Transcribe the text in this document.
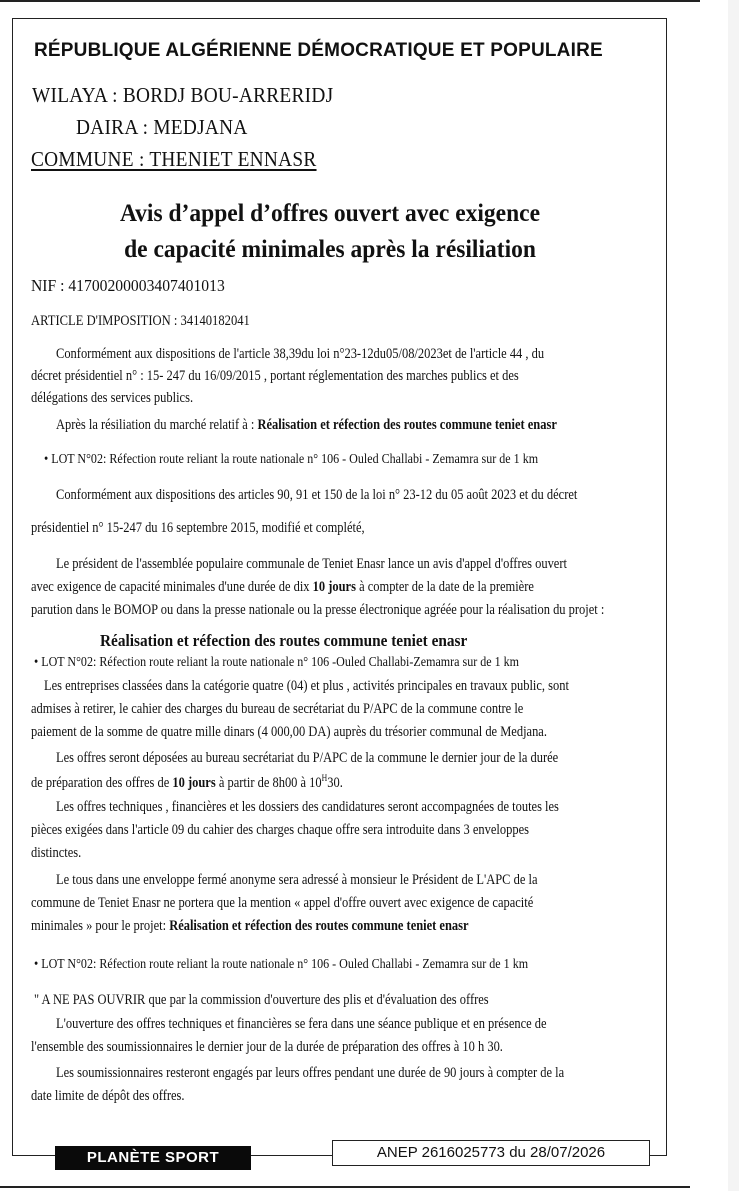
RÉPUBLIQUE ALGÉRIENNE DÉMOCRATIQUE ET POPULAIRE
WILAYA : BORDJ BOU-ARRERIDJ
DAIRA : MEDJANA
COMMUNE : THENIET ENNASR
Avis d’appel d’offres ouvert avec exigence
de capacité minimales après la résiliation
NIF : 41700200003407401013
ARTICLE D'IMPOSITION : 34140182041
Conformément aux dispositions de l'article 38,39du loi n°23-12du05/08/2023et de l'article 44 , du
décret présidentiel n° : 15- 247 du 16/09/2015 , portant réglementation des marches publics et des
délégations des services publics.
Après la résiliation du marché relatif à : Réalisation et réfection des routes commune teniet enasr
• LOT N°02: Réfection route reliant la route nationale n° 106 - Ouled Challabi - Zemamra sur de 1 km
Conformément aux dispositions des articles 90, 91 et 150 de la loi n° 23-12 du 05 août 2023 et du décret
présidentiel n° 15-247 du 16 septembre 2015, modifié et complété,
Le président de l'assemblée populaire communale de Teniet Enasr lance un avis d'appel d'offres ouvert
avec exigence de capacité minimales d'une durée de dix 10 jours à compter de la date de la première
parution dans le BOMOP ou dans la presse nationale ou la presse électronique agréée pour la réalisation du projet :
Réalisation et réfection des routes commune teniet enasr
• LOT N°02: Réfection route reliant la route nationale n° 106 -Ouled Challabi-Zemamra sur de 1 km
Les entreprises classées dans la catégorie quatre (04) et plus , activités principales en travaux public, sont
admises à retirer, le cahier des charges du bureau de secrétariat du P/APC de la commune contre le
paiement de la somme de quatre mille dinars (4 000,00 DA) auprès du trésorier communal de Medjana.
Les offres seront déposées au bureau secrétariat du P/APC de la commune le dernier jour de la durée
de préparation des offres de 10 jours à partir de 8h00 à $10^H30$.
Les offres techniques , financières et les dossiers des candidatures seront accompagnées de toutes les
pièces exigées dans l'article 09 du cahier des charges chaque offre sera introduite dans 3 enveloppes
distinctes.
Le tous dans une enveloppe fermé anonyme sera adressé à monsieur le Président de L'APC de la
commune de Teniet Enasr ne portera que la mention « appel d'offre ouvert avec exigence de capacité
minimales » pour le projet: Réalisation et réfection des routes commune teniet enasr
• LOT N°02: Réfection route reliant la route nationale n° 106 - Ouled Challabi - Zemamra sur de 1 km
" A NE PAS OUVRIR que par la commission d'ouverture des plis et d'évaluation des offres
L'ouverture des offres techniques et financières se fera dans une séance publique et en présence de
l'ensemble des soumissionnaires le dernier jour de la durée de préparation des offres à 10 h 30.
Les soumissionnaires resteront engagés par leurs offres pendant une durée de 90 jours à compter de la
date limite de dépôt des offres.
PLANÈTE SPORT	ANEP 2616025773 du 28/07/2026
